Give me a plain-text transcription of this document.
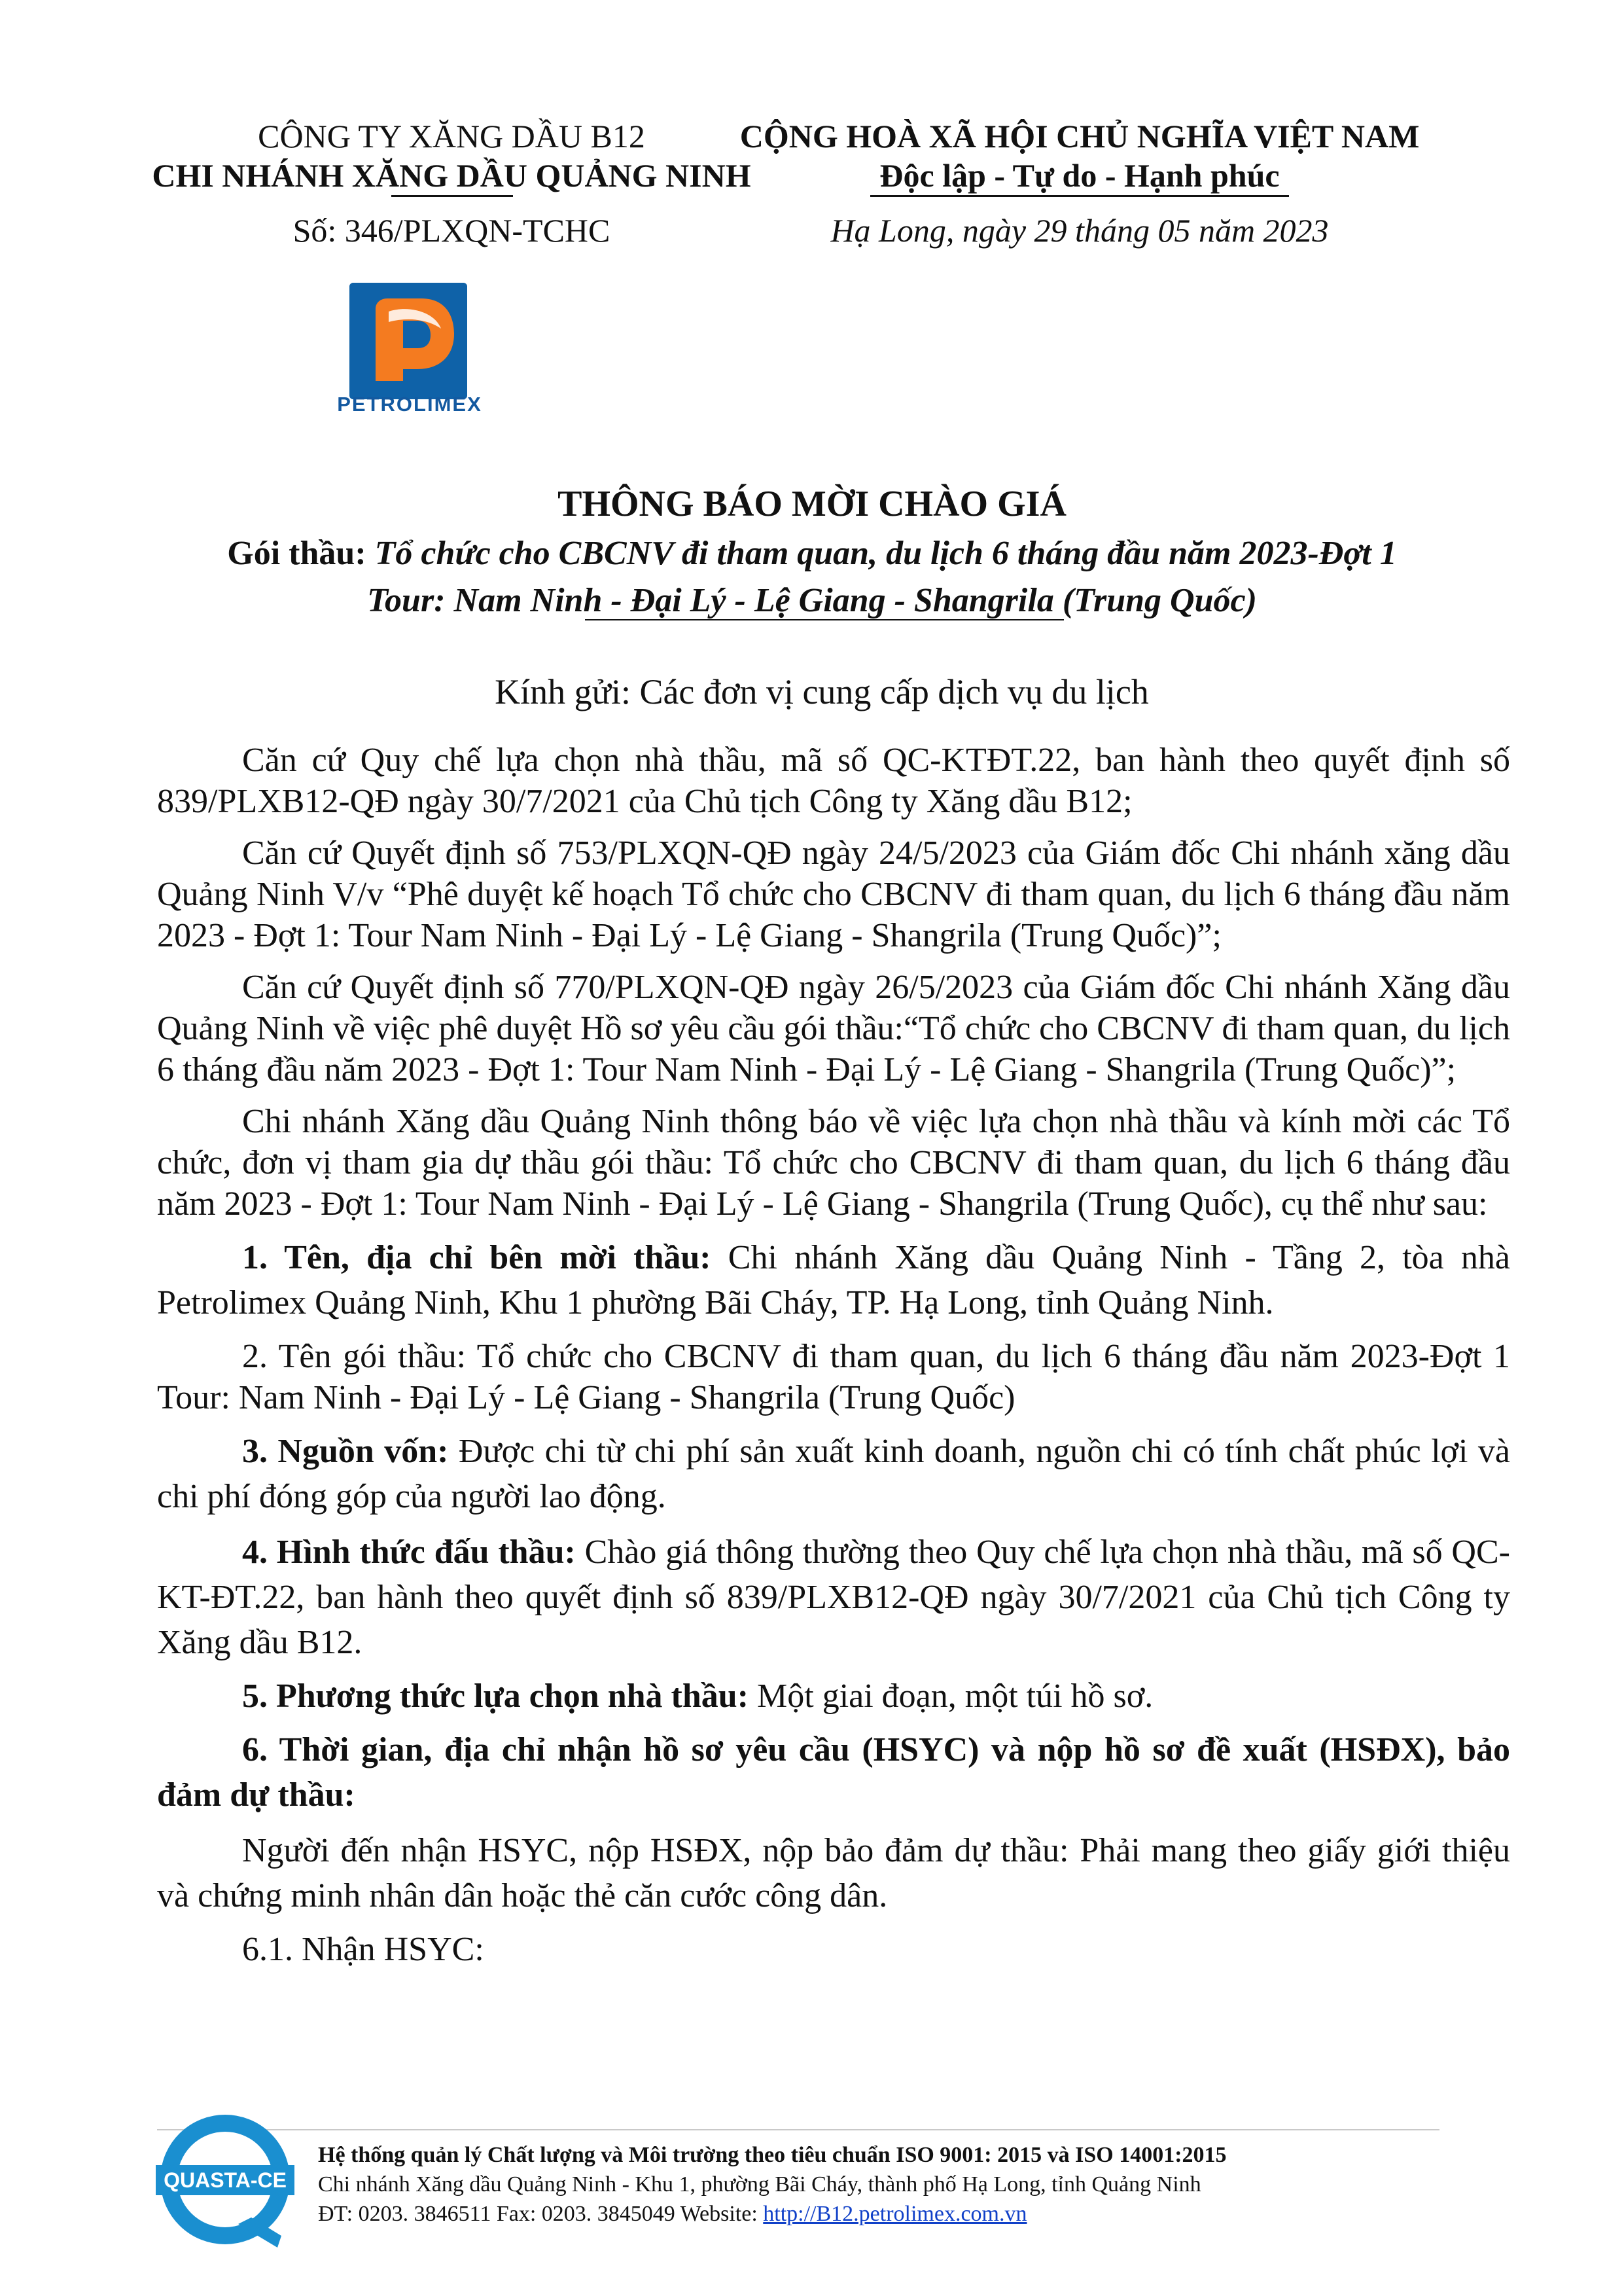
CÔNG TY XĂNG DẦU B12
CHI NHÁNH XĂNG DẦU QUẢNG NINH
Số: 346/PLXQN-TCHC
PETROLIMEX
CỘNG HOÀ XÃ HỘI CHỦ NGHĨA VIỆT NAM
Độc lập - Tự do - Hạnh phúc
Hạ Long, ngày 29 tháng 05 năm 2023
THÔNG BÁO MỜI CHÀO GIÁ
Gói thầu: Tổ chức cho CBCNV đi tham quan, du lịch 6 tháng đầu năm 2023-Đợt 1
Tour: Nam Ninh - Đại Lý - Lệ Giang - Shangrila (Trung Quốc)
Kính gửi: Các đơn vị cung cấp dịch vụ du lịch

Căn cứ Quy chế lựa chọn nhà thầu, mã số QC-KTĐT.22, ban hành theo quyết định số 839/PLXB12-QĐ ngày 30/7/2021 của Chủ tịch Công ty Xăng dầu B12;

Căn cứ Quyết định số 753/PLXQN-QĐ ngày 24/5/2023 của Giám đốc Chi nhánh xăng dầu Quảng Ninh V/v “Phê duyệt kế hoạch Tổ chức cho CBCNV đi tham quan, du lịch 6 tháng đầu năm 2023 - Đợt 1: Tour Nam Ninh - Đại Lý - Lệ Giang - Shangrila (Trung Quốc)”;

Căn cứ Quyết định số 770/PLXQN-QĐ ngày 26/5/2023 của Giám đốc Chi nhánh Xăng dầu Quảng Ninh về việc phê duyệt Hồ sơ yêu cầu gói thầu:“Tổ chức cho CBCNV đi tham quan, du lịch 6 tháng đầu năm 2023 - Đợt 1: Tour Nam Ninh - Đại Lý - Lệ Giang - Shangrila (Trung Quốc)”;

Chi nhánh Xăng dầu Quảng Ninh thông báo về việc lựa chọn nhà thầu và kính mời các Tổ chức, đơn vị tham gia dự thầu gói thầu: Tổ chức cho CBCNV đi tham quan, du lịch 6 tháng đầu năm 2023 - Đợt 1: Tour Nam Ninh - Đại Lý - Lệ Giang - Shangrila (Trung Quốc), cụ thể như sau:

1. Tên, địa chỉ bên mời thầu: Chi nhánh Xăng dầu Quảng Ninh - Tầng 2, tòa nhà Petrolimex Quảng Ninh, Khu 1 phường Bãi Cháy, TP. Hạ Long, tỉnh Quảng Ninh.

2. Tên gói thầu: Tổ chức cho CBCNV đi tham quan, du lịch 6 tháng đầu năm 2023-Đợt 1 Tour: Nam Ninh - Đại Lý - Lệ Giang - Shangrila (Trung Quốc)

3. Nguồn vốn: Được chi từ chi phí sản xuất kinh doanh, nguồn chi có tính chất phúc lợi và chi phí đóng góp của người lao động.

4. Hình thức đấu thầu: Chào giá thông thường theo Quy chế lựa chọn nhà thầu, mã số QC-KT-ĐT.22, ban hành theo quyết định số 839/PLXB12-QĐ ngày 30/7/2021 của Chủ tịch Công ty Xăng dầu B12.

5. Phương thức lựa chọn nhà thầu: Một giai đoạn, một túi hồ sơ.

6. Thời gian, địa chỉ nhận hồ sơ yêu cầu (HSYC) và nộp hồ sơ đề xuất (HSĐX), bảo đảm dự thầu:

Người đến nhận HSYC, nộp HSĐX, nộp bảo đảm dự thầu: Phải mang theo giấy giới thiệu và chứng minh nhân dân hoặc thẻ căn cước công dân.

6.1. Nhận HSYC:

QUASTA-CE
Hệ thống quản lý Chất lượng và Môi trường theo tiêu chuẩn ISO 9001: 2015 và ISO 14001:2015
Chi nhánh Xăng dầu Quảng Ninh - Khu 1, phường Bãi Cháy, thành phố Hạ Long, tỉnh Quảng Ninh
ĐT: 0203. 3846511 Fax: 0203. 3845049 Website: http://B12.petrolimex.com.vn
